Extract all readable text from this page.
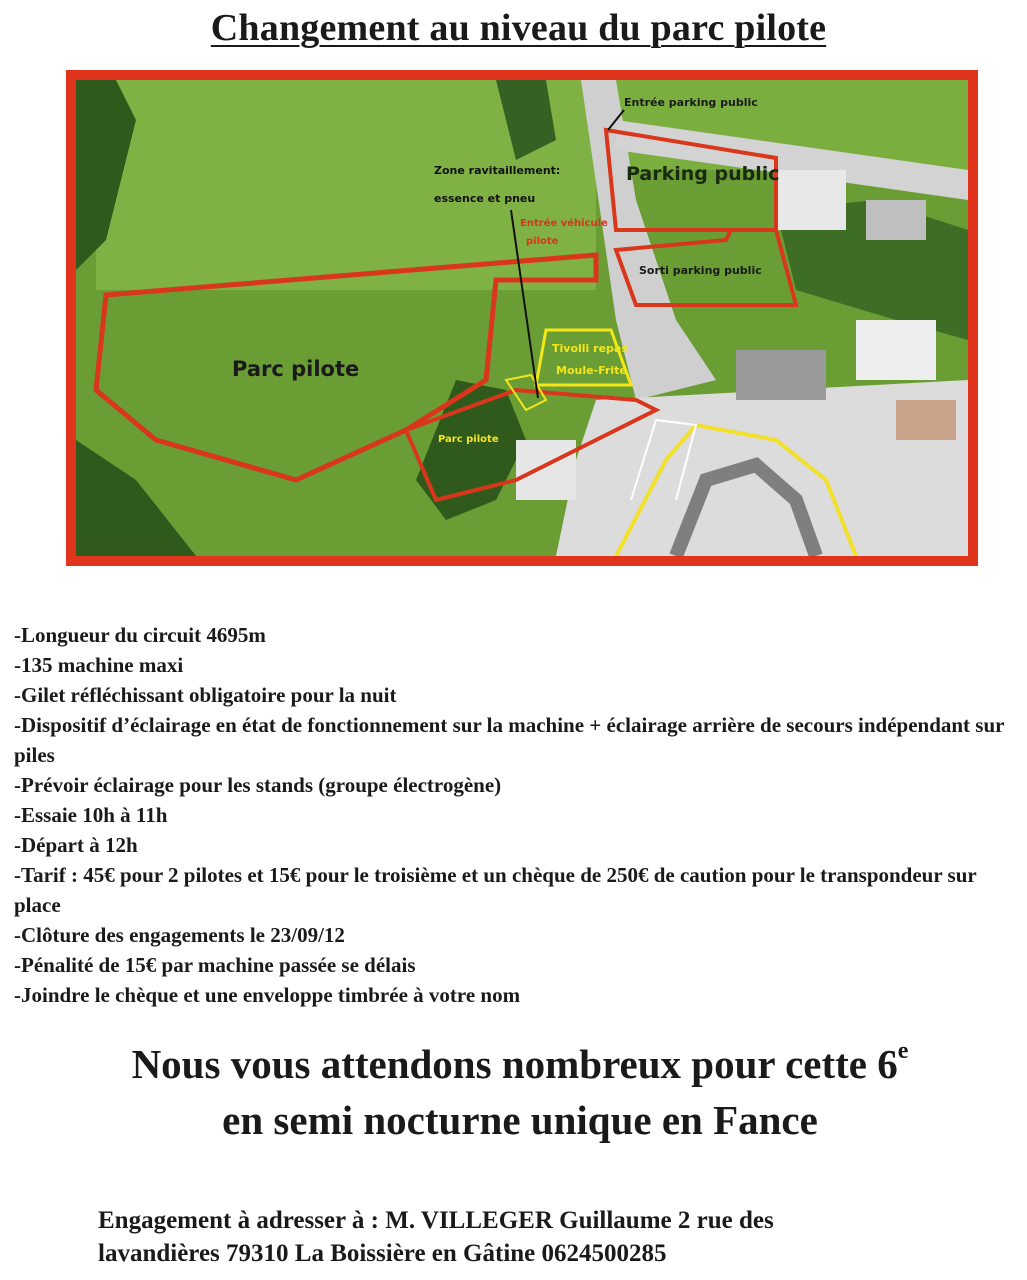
Changement au niveau du parc pilote
Entrée parking public
Parking public
Zone ravitaillement:
essence et pneu
Entrée véhicule
pilote
Sorti parking public
Tivolli repas
Moule-Frite
Parc pilote
Parc pilote
-Longueur du circuit 4695m
-135 machine maxi
-Gilet réfléchissant obligatoire pour la nuit
-Dispositif d’éclairage en état de fonctionnement sur la machine + éclairage arrière de secours indépendant sur piles
-Prévoir éclairage pour les stands (groupe électrogène)
-Essaie 10h à 11h
-Départ à 12h
-Tarif : 45€ pour 2 pilotes et 15€ pour le troisième et un chèque de 250€ de caution pour le transpondeur sur place
-Clôture des engagements le 23/09/12
-Pénalité de 15€ par machine passée se délais
-Joindre le chèque et une enveloppe timbrée à votre nom
Nous vous attendons nombreux pour cette 6e
en semi nocturne unique en Fance
Engagement à adresser à : M. VILLEGER Guillaume 2 rue des
lavandières 79310 La Boissière en Gâtine 0624500285
